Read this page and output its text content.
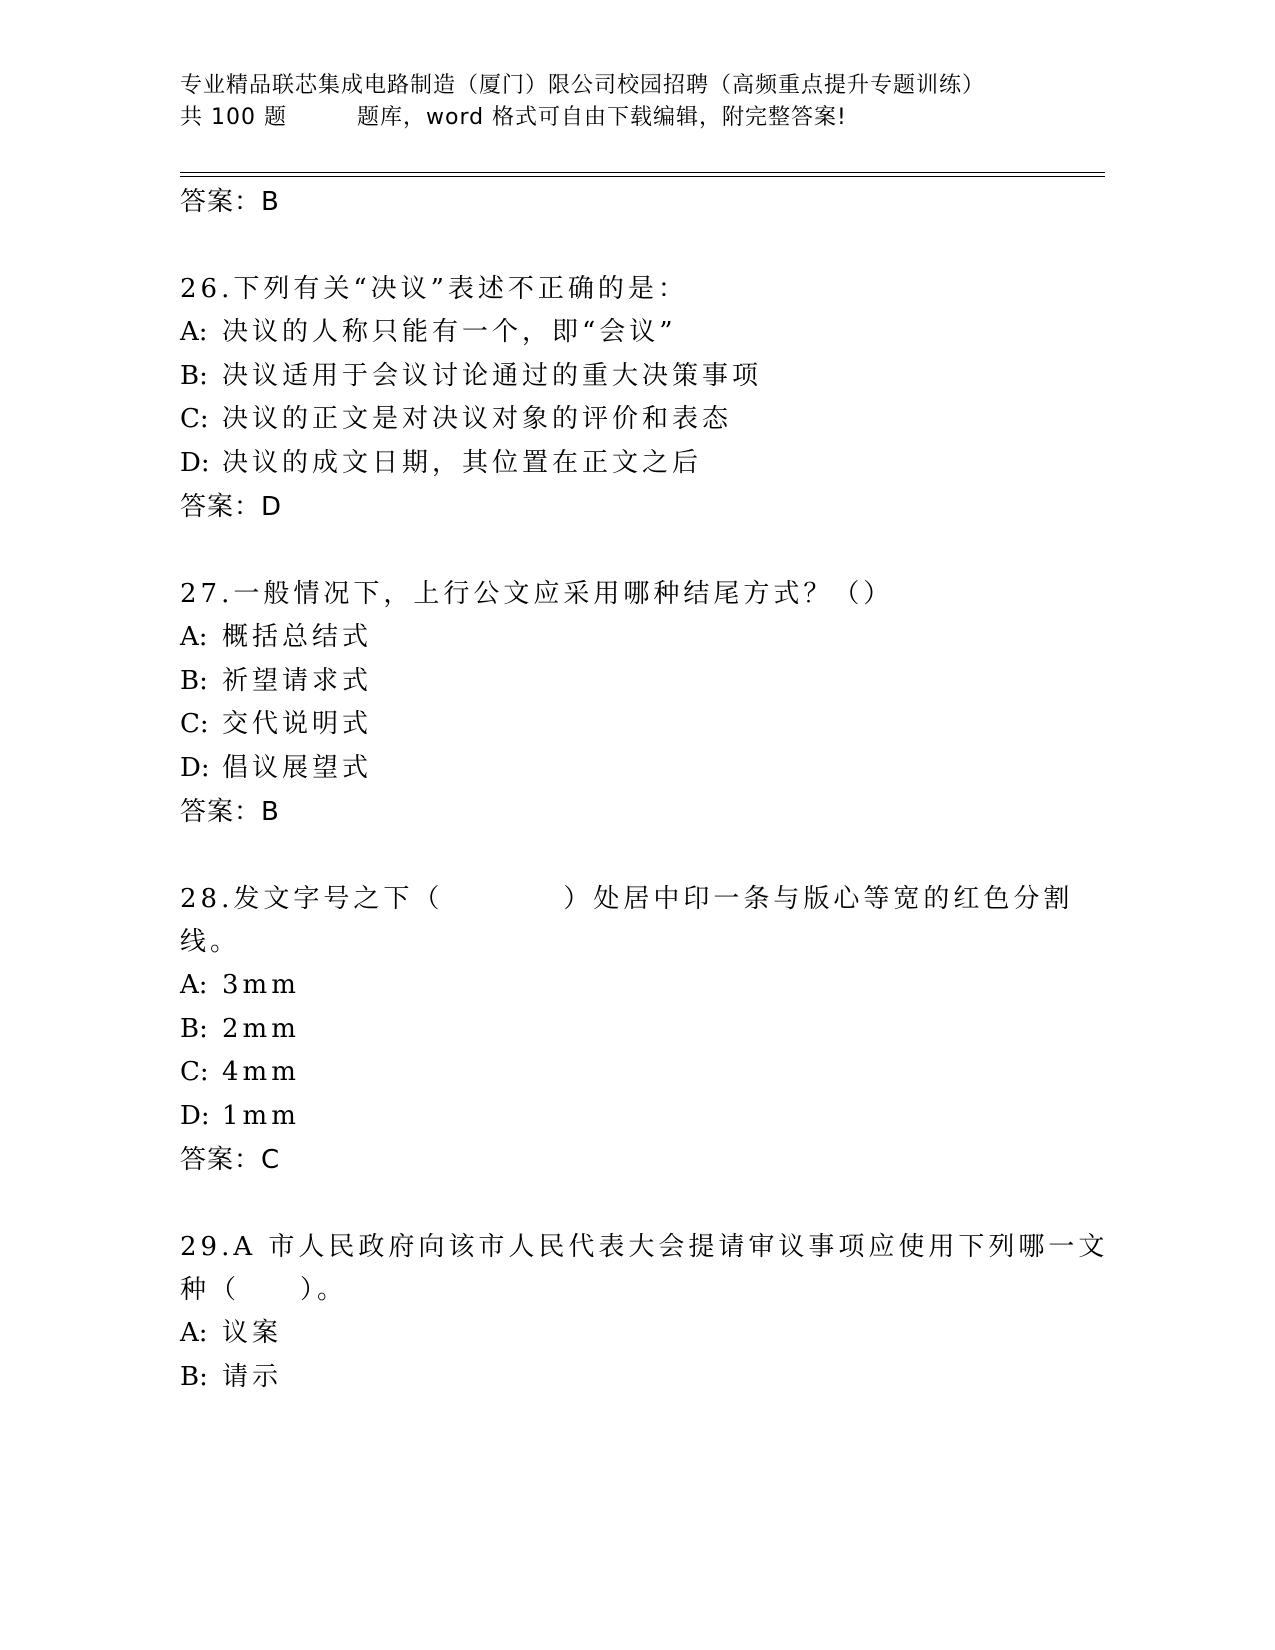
专业精品联芯集成电路制造（厦门）限公司校园招聘（高频重点提升专题训练）
共 100 题	题库，word 格式可自由下载编辑，附完整答案!
答案：B
26.下列有关“决议”表述不正确的是：
A: 决议的人称只能有一个，即“会议”
B: 决议适用于会议讨论通过的重大决策事项
C: 决议的正文是对决议对象的评价和表态
D: 决议的成文日期，其位置在正文之后
答案：D
27.一般情况下，上行公文应采用哪种结尾方式？（）
A: 概括总结式
B: 祈望请求式
C: 交代说明式
D: 倡议展望式
答案：B
28.发文字号之下（　　　　）处居中印一条与版心等宽的红色分割线。
A: 3mm
B: 2mm
C: 4mm
D: 1mm
答案：C
29.A 市人民政府向该市人民代表大会提请审议事项应使用下列哪一文种（　　）。
A: 议案
B: 请示
